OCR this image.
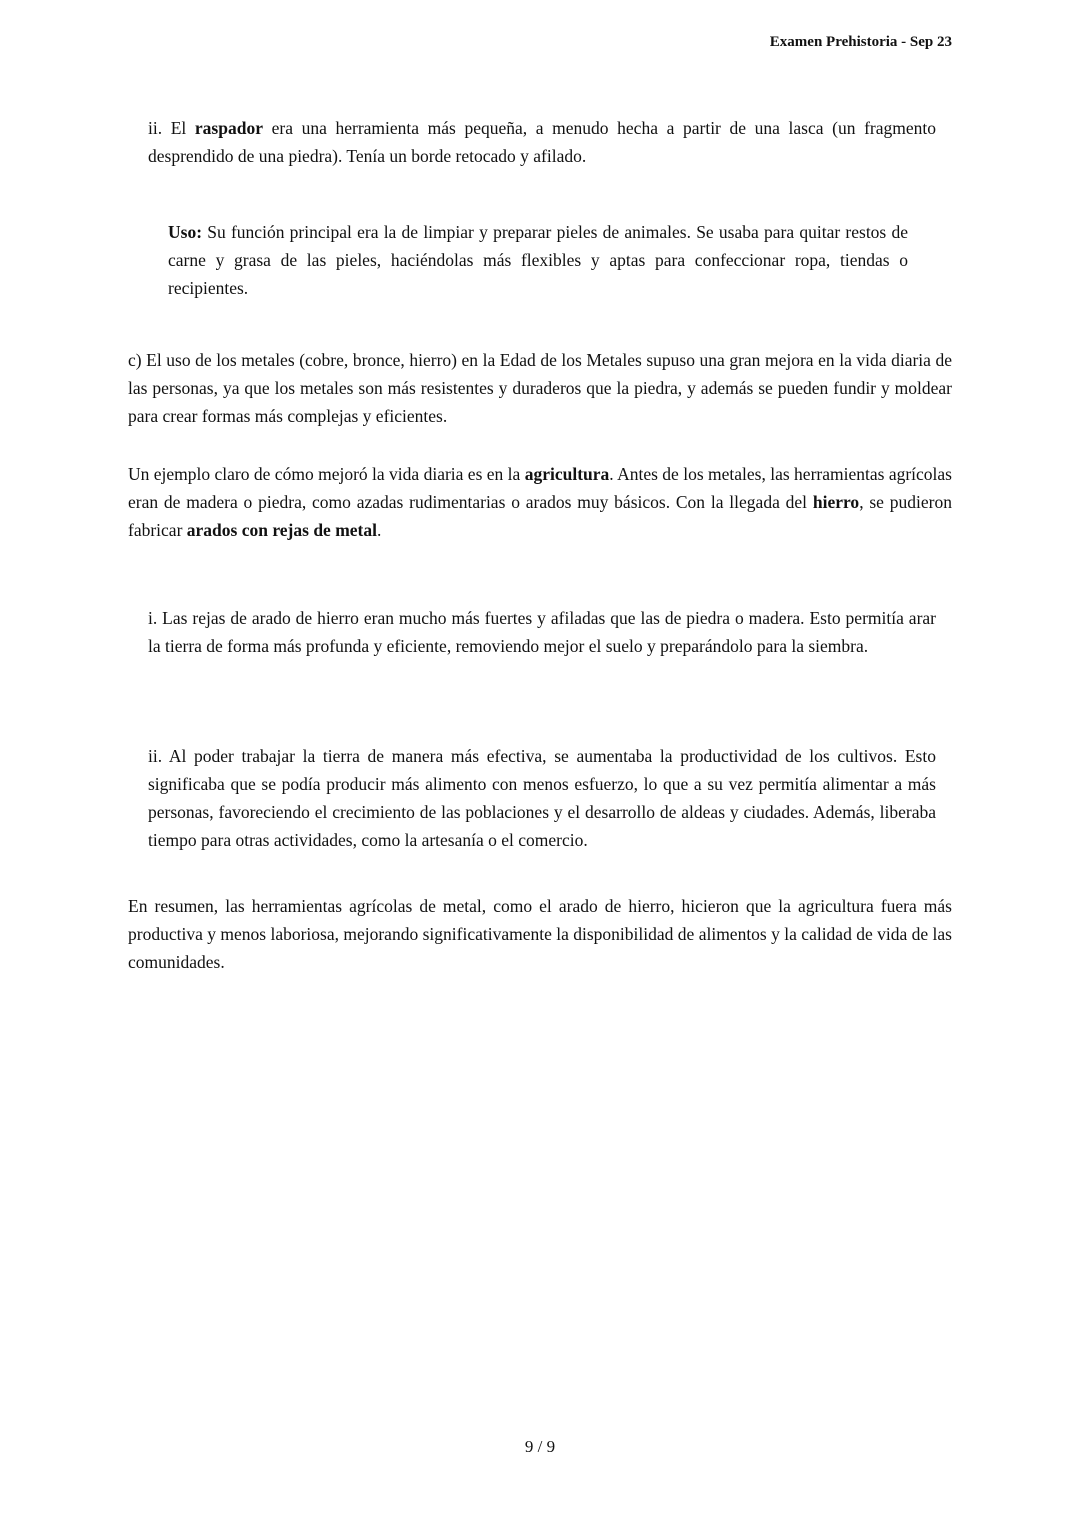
Examen Prehistoria - Sep 23

ii. El raspador era una herramienta más pequeña, a menudo hecha a partir de una lasca (un fragmento desprendido de una piedra). Tenía un borde retocado y afilado.

Uso: Su función principal era la de limpiar y preparar pieles de animales. Se usaba para quitar restos de carne y grasa de las pieles, haciéndolas más flexibles y aptas para confeccionar ropa, tiendas o recipientes.

c) El uso de los metales (cobre, bronce, hierro) en la Edad de los Metales supuso una gran mejora en la vida diaria de las personas, ya que los metales son más resistentes y duraderos que la piedra, y además se pueden fundir y moldear para crear formas más complejas y eficientes.

Un ejemplo claro de cómo mejoró la vida diaria es en la agricultura. Antes de los metales, las herramientas agrícolas eran de madera o piedra, como azadas rudimentarias o arados muy básicos. Con la llegada del hierro, se pudieron fabricar arados con rejas de metal.

i. Las rejas de arado de hierro eran mucho más fuertes y afiladas que las de piedra o madera. Esto permitía arar la tierra de forma más profunda y eficiente, removiendo mejor el suelo y preparándolo para la siembra.

ii. Al poder trabajar la tierra de manera más efectiva, se aumentaba la productividad de los cultivos. Esto significaba que se podía producir más alimento con menos esfuerzo, lo que a su vez permitía alimentar a más personas, favoreciendo el crecimiento de las poblaciones y el desarrollo de aldeas y ciudades. Además, liberaba tiempo para otras actividades, como la artesanía o el comercio.

En resumen, las herramientas agrícolas de metal, como el arado de hierro, hicieron que la agricultura fuera más productiva y menos laboriosa, mejorando significativamente la disponibilidad de alimentos y la calidad de vida de las comunidades.

9 / 9
